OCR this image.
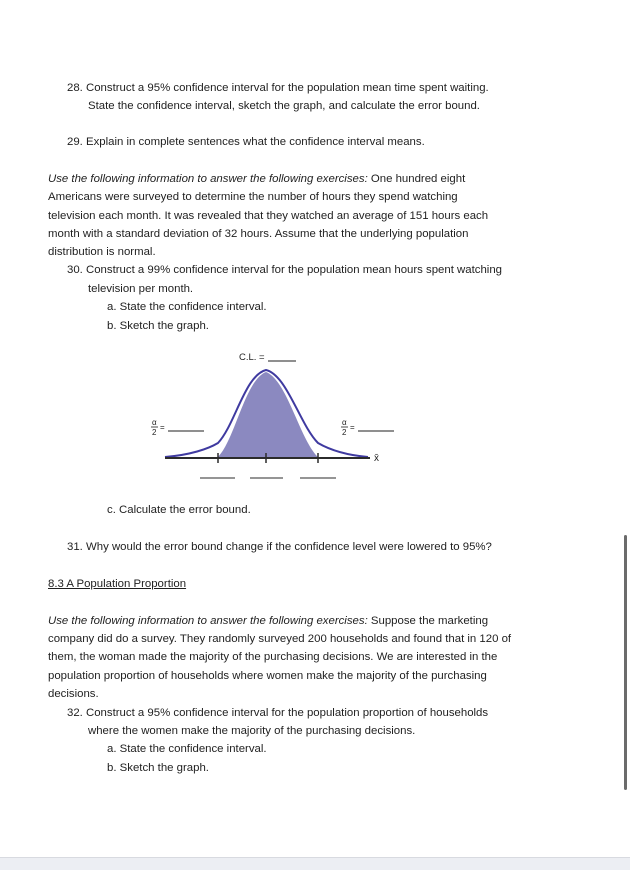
28. Construct a 95% confidence interval for the population mean time spent waiting.
State the confidence interval, sketch the graph, and calculate the error bound.
29. Explain in complete sentences what the confidence interval means.
Use the following information to answer the following exercises: One hundred eight
Americans were surveyed to determine the number of hours they spend watching
television each month. It was revealed that they watched an average of 151 hours each
month with a standard deviation of 32 hours. Assume that the underlying population
distribution is normal.
30. Construct a 99% confidence interval for the population mean hours spent watching
television per month.
a. State the confidence interval.
b. Sketch the graph.
C.L. =
α
2
=
α
2
=
x̄
c. Calculate the error bound.
31. Why would the error bound change if the confidence level were lowered to 95%?
8.3 A Population Proportion
Use the following information to answer the following exercises: Suppose the marketing
company did do a survey. They randomly surveyed 200 households and found that in 120 of
them, the woman made the majority of the purchasing decisions. We are interested in the
population proportion of households where women make the majority of the purchasing
decisions.
32. Construct a 95% confidence interval for the population proportion of households
where the women make the majority of the purchasing decisions.
a. State the confidence interval.
b. Sketch the graph.
